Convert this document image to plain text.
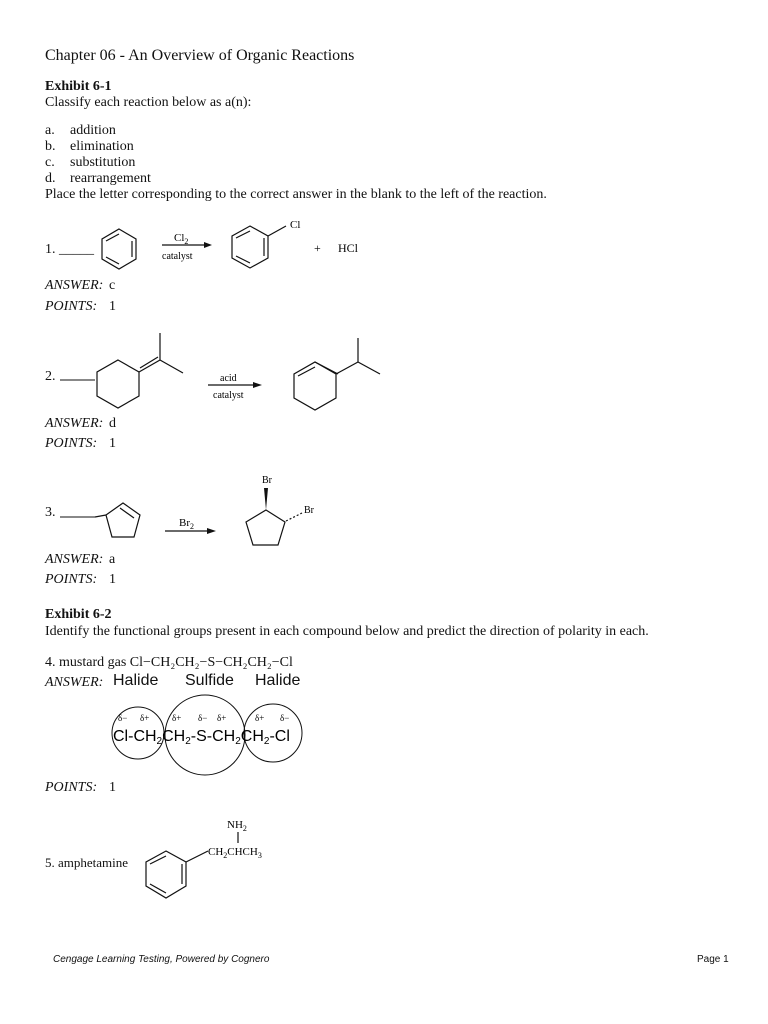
Chapter 06 - An Overview of Organic Reactions
Exhibit 6-1
Classify each reaction below as a(n):
a. addition
b. elimination
c. substitution
d. rearrangement
Place the letter corresponding to the correct answer in the blank to the left of the reaction.
1. _____
$Cl_2$
catalyst
Cl
+ HCl
ANSWER: c
POINTS: 1
2.	acid
catalyst
ANSWER: d
POINTS: 1
3.
$Br_2$
Br
Br
ANSWER: a
POINTS: 1
Exhibit 6-2
Identify the functional groups present in each compound below and predict the direction of polarity in each.
4. mustard gas Cl−CH₂CH₂−S−CH₂CH₂−Cl
ANSWER: Halide Sulfide Halide
δ− δ+	δ+ δ− δ+	δ+ δ−
Cl-CH2CH2-S-CH2CH2-Cl
POINTS: 1
5. amphetamine
$NH_2$
$CH_2CHCH_3$
Cengage Learning Testing, Powered by Cognero	Page 1
